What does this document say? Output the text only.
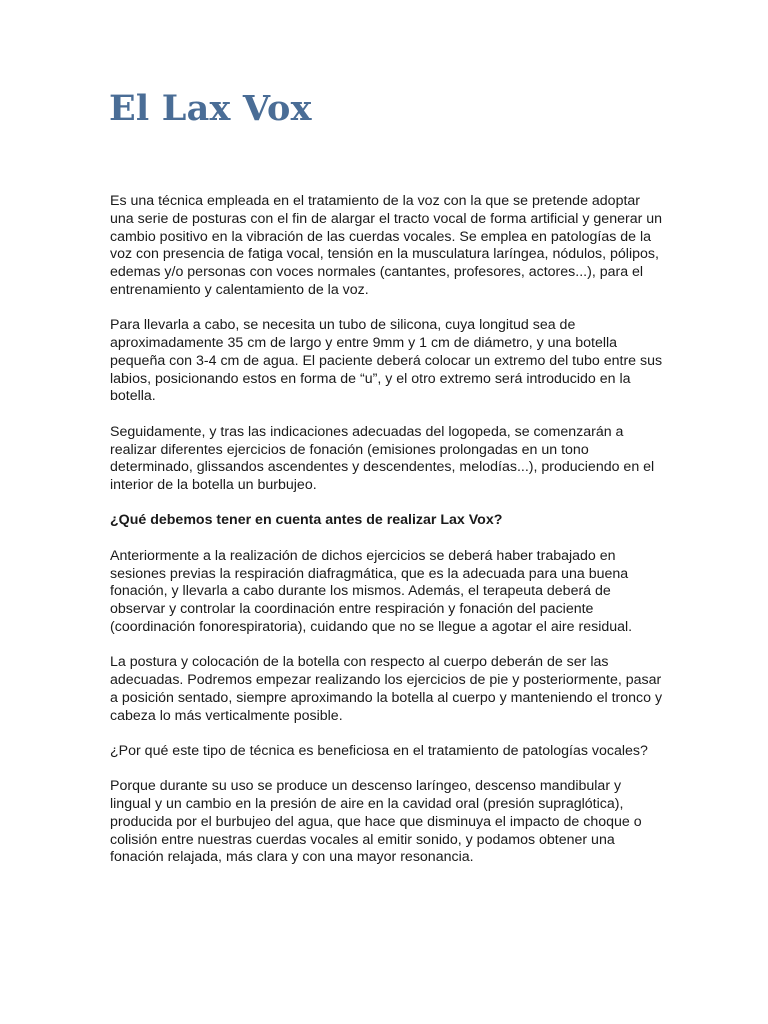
El Lax Vox

Es una técnica empleada en el tratamiento de la voz con la que se pretende adoptar una serie de posturas con el fin de alargar el tracto vocal de forma artificial y generar un cambio positivo en la vibración de las cuerdas vocales. Se emplea en patologías de la voz con presencia de fatiga vocal, tensión en la musculatura laríngea, nódulos, pólipos, edemas y/o personas con voces normales (cantantes, profesores, actores...), para el entrenamiento y calentamiento de la voz.

Para llevarla a cabo, se necesita un tubo de silicona, cuya longitud sea de aproximadamente 35 cm de largo y entre 9mm y 1 cm de diámetro, y una botella pequeña con 3-4 cm de agua. El paciente deberá colocar un extremo del tubo entre sus labios, posicionando estos en forma de “u”, y el otro extremo será introducido en la botella.

Seguidamente, y tras las indicaciones adecuadas del logopeda, se comenzarán a realizar diferentes ejercicios de fonación (emisiones prolongadas en un tono determinado, glissandos ascendentes y descendentes, melodías...), produciendo en el interior de la botella un burbujeo.

¿Qué debemos tener en cuenta antes de realizar Lax Vox?

Anteriormente a la realización de dichos ejercicios se deberá haber trabajado en sesiones previas la respiración diafragmática, que es la adecuada para una buena fonación, y llevarla a cabo durante los mismos. Además, el terapeuta deberá de observar y controlar la coordinación entre respiración y fonación del paciente (coordinación fonorespiratoria), cuidando que no se llegue a agotar el aire residual.

La postura y colocación de la botella con respecto al cuerpo deberán de ser las adecuadas. Podremos empezar realizando los ejercicios de pie y posteriormente, pasar a posición sentado, siempre aproximando la botella al cuerpo y manteniendo el tronco y cabeza lo más verticalmente posible.

¿Por qué este tipo de técnica es beneficiosa en el tratamiento de patologías vocales?

Porque durante su uso se produce un descenso laríngeo, descenso mandibular y lingual y un cambio en la presión de aire en la cavidad oral (presión supraglótica), producida por el burbujeo del agua, que hace que disminuya el impacto de choque o colisión entre nuestras cuerdas vocales al emitir sonido, y podamos obtener una fonación relajada, más clara y con una mayor resonancia.
